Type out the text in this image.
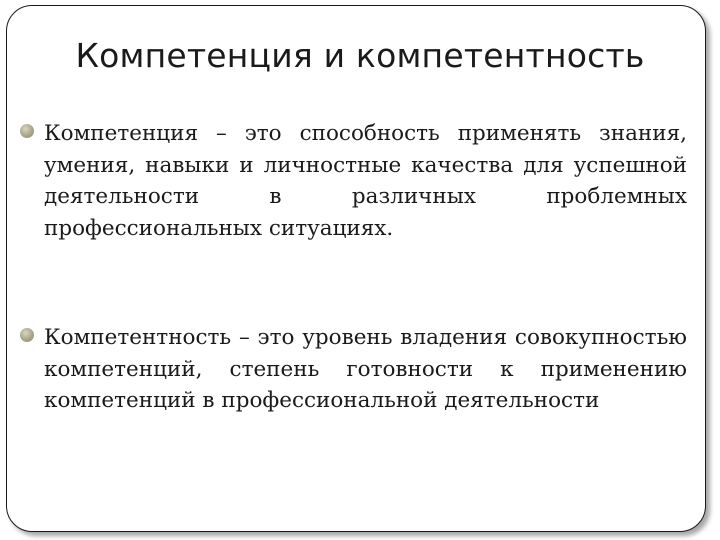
Компетенция и компетентность
Компетенция – это способность применять знания, умения, навыки и личностные качества для успешной деятельности в различных проблемных профессиональных ситуациях.
Компетентность – это уровень владения совокупностью компетенций, степень готовности к применению компетенций в профессиональной деятельности
